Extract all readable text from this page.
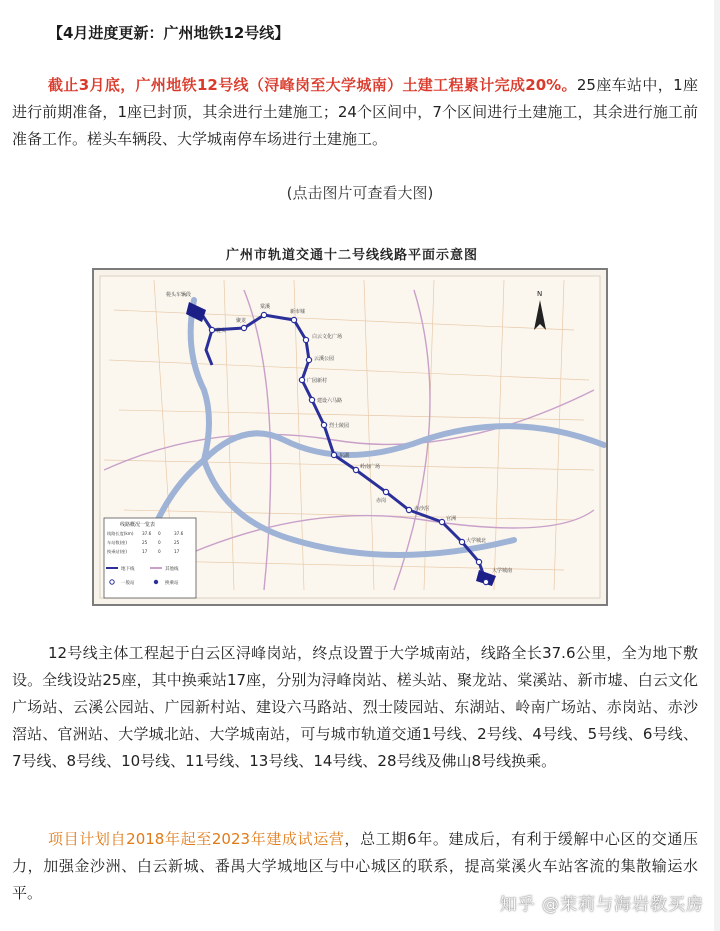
【4月进度更新：广州地铁12号线】
截止3月底，广州地铁12号线（浔峰岗至大学城南）土建工程累计完成20%。25座车站中，1座进行前期准备，1座已封顶，其余进行土建施工；24个区间中，7个区间进行土建施工，其余进行施工前准备工作。槎头车辆段、大学城南停车场进行土建施工。
(点击图片可查看大图)
广州市轨道交通十二号线线路平面示意图
槎头车辆段
槎头
聚龙
棠溪
新市墟
白云文化广场
云溪公园
广园新村
建设六马路
烈士陵园
东湖
岭南广场
赤岗
赤沙滘
官洲
大学城北
大学城南
N
线路概况一览表
线路长度(km) 37.6 0	37.6
车站数(座)	25	0	25
换乘站(座)	17	0	17
地下线	其他线
一般站	换乘站
12号线主体工程起于白云区浔峰岗站，终点设置于大学城南站，线路全长37.6公里，全为地下敷设。全线设站25座，其中换乘站17座，分别为浔峰岗站、槎头站、聚龙站、棠溪站、新市墟、白云文化广场站、云溪公园站、广园新村站、建设六马路站、烈士陵园站、东湖站、岭南广场站、赤岗站、赤沙滘站、官洲站、大学城北站、大学城南站，可与城市轨道交通1号线、2号线、4号线、5号线、6号线、7号线、8号线、10号线、11号线、13号线、14号线、28号线及佛山8号线换乘。
项目计划自2018年起至2023年建成试运营，总工期6年。建成后，有利于缓解中心区的交通压力，加强金沙洲、白云新城、番禺大学城地区与中心城区的联系，提高棠溪火车站客流的集散输运水平。
知乎 @茉莉与海岩教买房
